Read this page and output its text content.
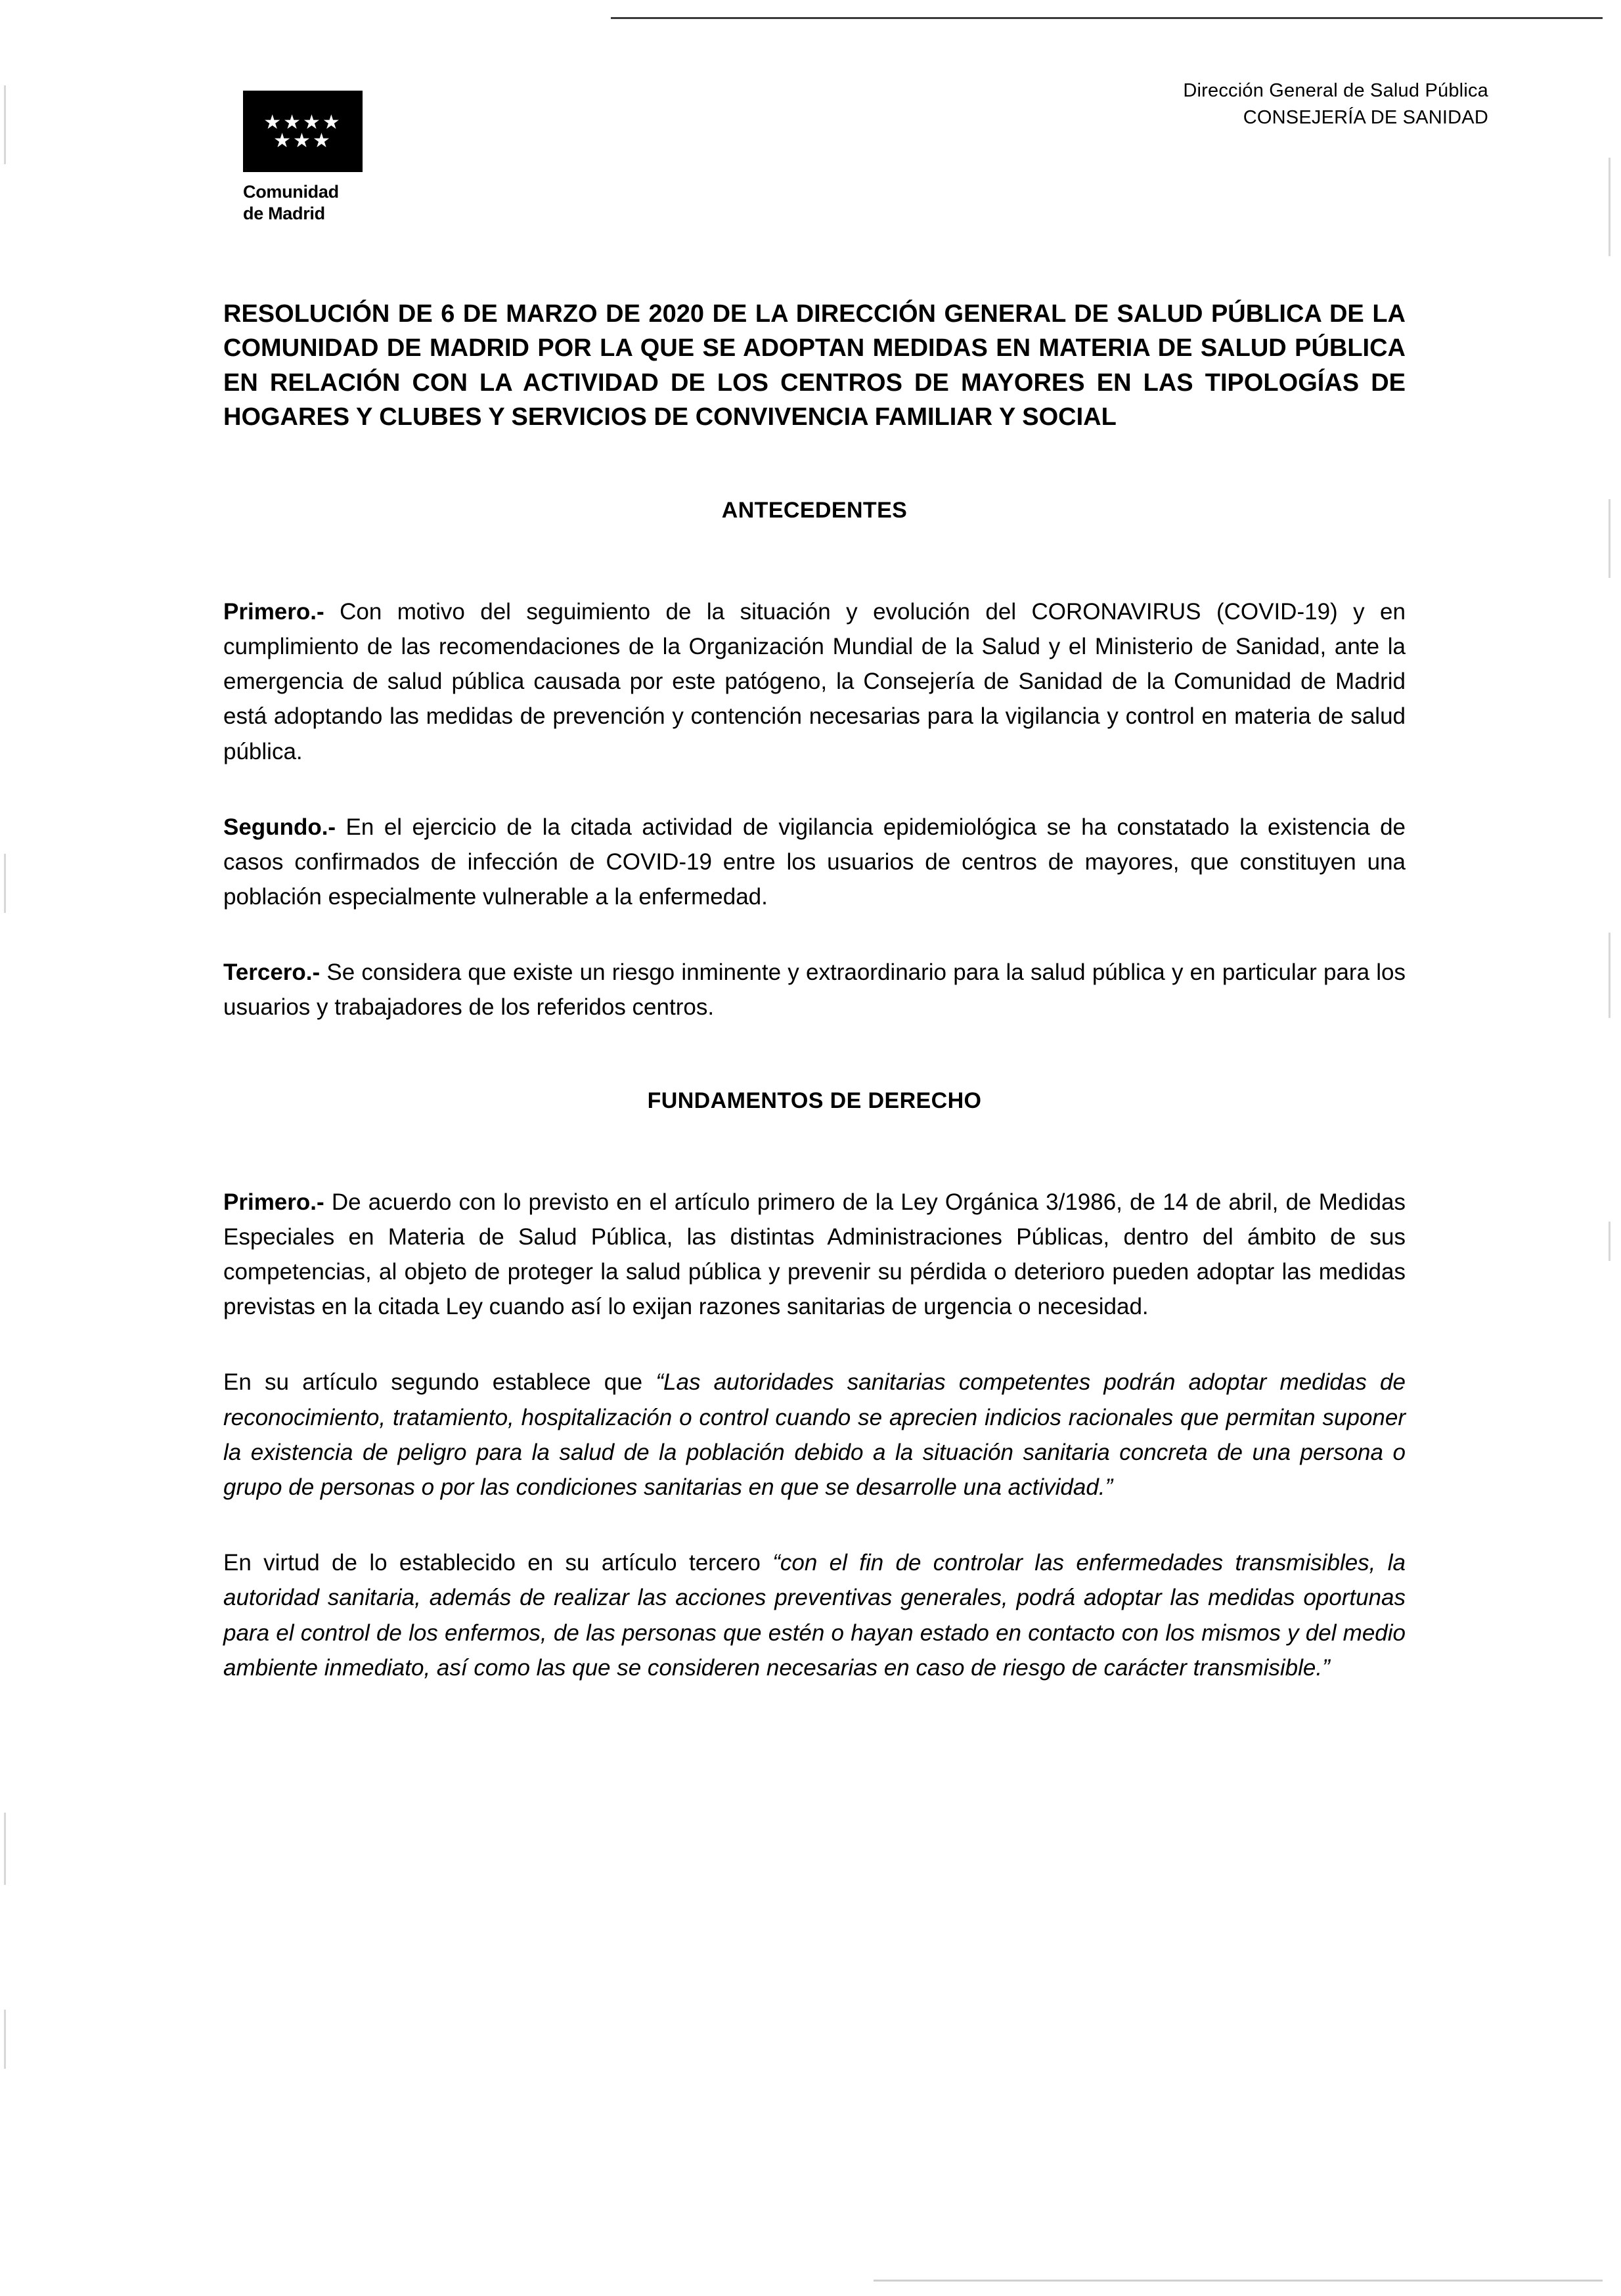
Dirección General de Salud Pública
CONSEJERÍA DE SANIDAD
★★★★
★★★
Comunidad
de Madrid
RESOLUCIÓN DE 6 DE MARZO DE 2020 DE LA DIRECCIÓN GENERAL DE SALUD PÚBLICA DE LA COMUNIDAD DE MADRID POR LA QUE SE ADOPTAN MEDIDAS EN MATERIA DE SALUD PÚBLICA EN RELACIÓN CON LA ACTIVIDAD DE LOS CENTROS DE MAYORES EN LAS TIPOLOGÍAS DE HOGARES Y CLUBES Y SERVICIOS DE CONVIVENCIA FAMILIAR Y SOCIAL
ANTECEDENTES

Primero.- Con motivo del seguimiento de la situación y evolución del CORONAVIRUS (COVID-19) y en cumplimiento de las recomendaciones de la Organización Mundial de la Salud y el Ministerio de Sanidad, ante la emergencia de salud pública causada por este patógeno, la Consejería de Sanidad de la Comunidad de Madrid está adoptando las medidas de prevención y contención necesarias para la vigilancia y control en materia de salud pública.

Segundo.- En el ejercicio de la citada actividad de vigilancia epidemiológica se ha constatado la existencia de casos confirmados de infección de COVID-19 entre los usuarios de centros de mayores, que constituyen una población especialmente vulnerable a la enfermedad.

Tercero.- Se considera que existe un riesgo inminente y extraordinario para la salud pública y en particular para los usuarios y trabajadores de los referidos centros.

FUNDAMENTOS DE DERECHO

Primero.- De acuerdo con lo previsto en el artículo primero de la Ley Orgánica 3/1986, de 14 de abril, de Medidas Especiales en Materia de Salud Pública, las distintas Administraciones Públicas, dentro del ámbito de sus competencias, al objeto de proteger la salud pública y prevenir su pérdida o deterioro pueden adoptar las medidas previstas en la citada Ley cuando así lo exijan razones sanitarias de urgencia o necesidad.

En su artículo segundo establece que “Las autoridades sanitarias competentes podrán adoptar medidas de reconocimiento, tratamiento, hospitalización o control cuando se aprecien indicios racionales que permitan suponer la existencia de peligro para la salud de la población debido a la situación sanitaria concreta de una persona o grupo de personas o por las condiciones sanitarias en que se desarrolle una actividad.”

En virtud de lo establecido en su artículo tercero “con el fin de controlar las enfermedades transmisibles, la autoridad sanitaria, además de realizar las acciones preventivas generales, podrá adoptar las medidas oportunas para el control de los enfermos, de las personas que estén o hayan estado en contacto con los mismos y del medio ambiente inmediato, así como las que se consideren necesarias en caso de riesgo de carácter transmisible.”
